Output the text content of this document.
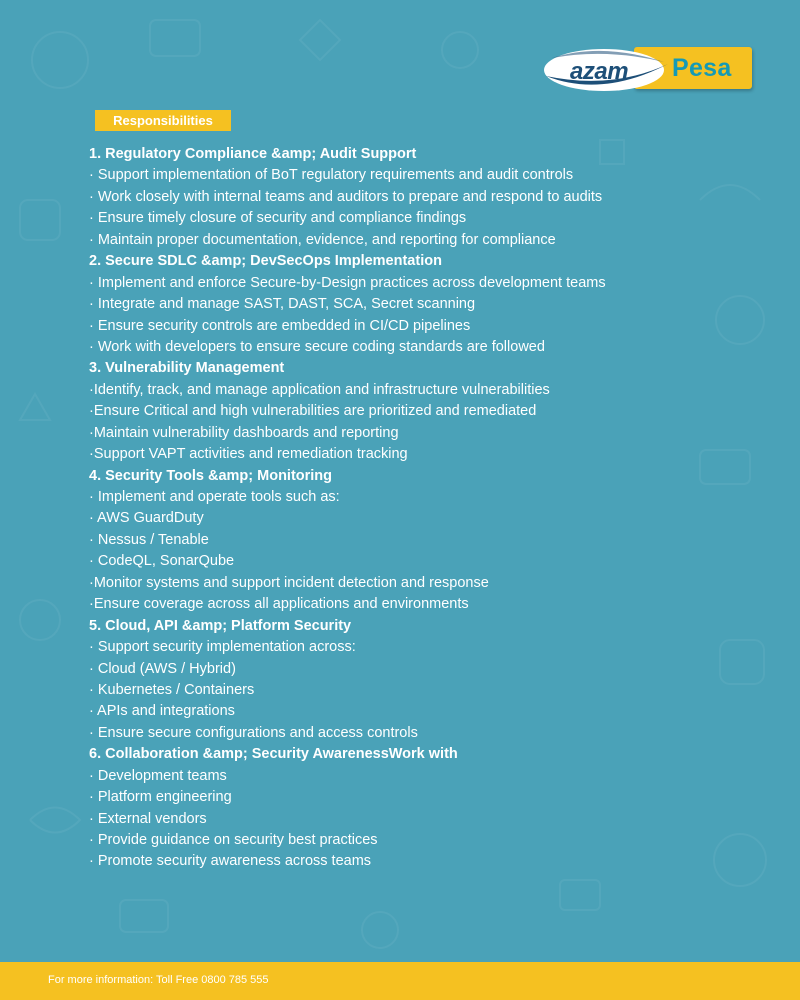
azam Pesa
Responsibilities
1. Regulatory Compliance &amp; Audit Support
· Support implementation of BoT regulatory requirements and audit controls
· Work closely with internal teams and auditors to prepare and respond to audits
· Ensure timely closure of security and compliance findings
· Maintain proper documentation, evidence, and reporting for compliance
2. Secure SDLC &amp; DevSecOps Implementation
· Implement and enforce Secure-by-Design practices across development teams
· Integrate and manage SAST, DAST, SCA, Secret scanning
· Ensure security controls are embedded in CI/CD pipelines
· Work with developers to ensure secure coding standards are followed
3. Vulnerability Management
·Identify, track, and manage application and infrastructure vulnerabilities
·Ensure Critical and high vulnerabilities are prioritized and remediated
·Maintain vulnerability dashboards and reporting
·Support VAPT activities and remediation tracking
4. Security Tools &amp; Monitoring
· Implement and operate tools such as:
· AWS GuardDuty
· Nessus / Tenable
· CodeQL, SonarQube
·Monitor systems and support incident detection and response
·Ensure coverage across all applications and environments
5. Cloud, API &amp; Platform Security
· Support security implementation across:
· Cloud (AWS / Hybrid)
· Kubernetes / Containers
· APIs and integrations
· Ensure secure configurations and access controls
6. Collaboration &amp; Security AwarenessWork with
· Development teams
· Platform engineering
· External vendors
· Provide guidance on security best practices
· Promote security awareness across teams
For more information: Toll Free 0800 785 555
